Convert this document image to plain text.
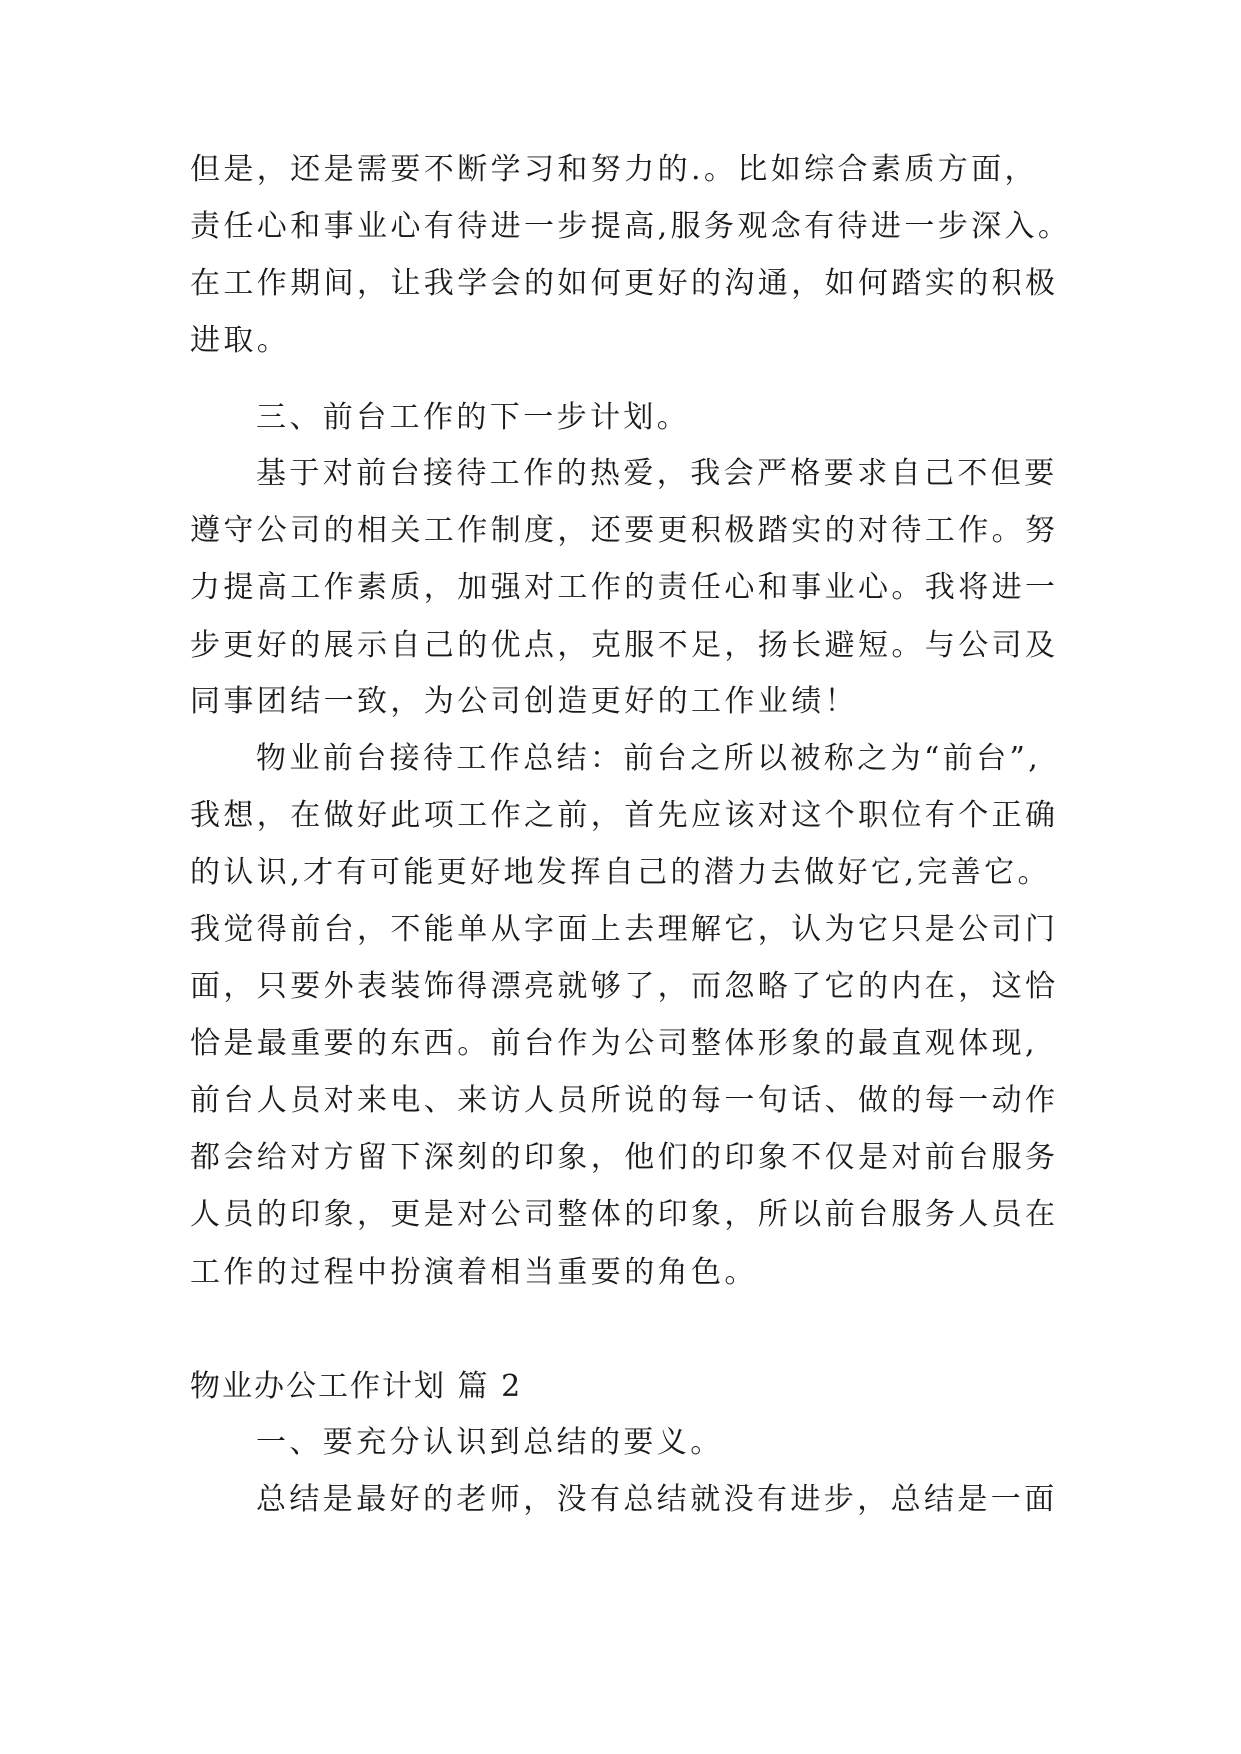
但是，还是需要不断学习和努力的.。比如综合素质方面，
责任心和事业心有待进一步提高,服务观念有待进一步深入。
在工作期间，让我学会的如何更好的沟通，如何踏实的积极
进取。
三、前台工作的下一步计划。
基于对前台接待工作的热爱，我会严格要求自己不但要
遵守公司的相关工作制度，还要更积极踏实的对待工作。努
力提高工作素质，加强对工作的责任心和事业心。我将进一
步更好的展示自己的优点，克服不足，扬长避短。与公司及
同事团结一致，为公司创造更好的工作业绩！
物业前台接待工作总结：前台之所以被称之为“前台”,
我想，在做好此项工作之前，首先应该对这个职位有个正确
的认识,才有可能更好地发挥自己的潜力去做好它,完善它。
我觉得前台，不能单从字面上去理解它，认为它只是公司门
面，只要外表装饰得漂亮就够了，而忽略了它的内在，这恰
恰是最重要的东西。前台作为公司整体形象的最直观体现,
前台人员对来电、来访人员所说的每一句话、做的每一动作
都会给对方留下深刻的印象，他们的印象不仅是对前台服务
人员的印象，更是对公司整体的印象，所以前台服务人员在
工作的过程中扮演着相当重要的角色。
物业办公工作计划 篇 2
一、要充分认识到总结的要义。
总结是最好的老师，没有总结就没有进步，总结是一面
